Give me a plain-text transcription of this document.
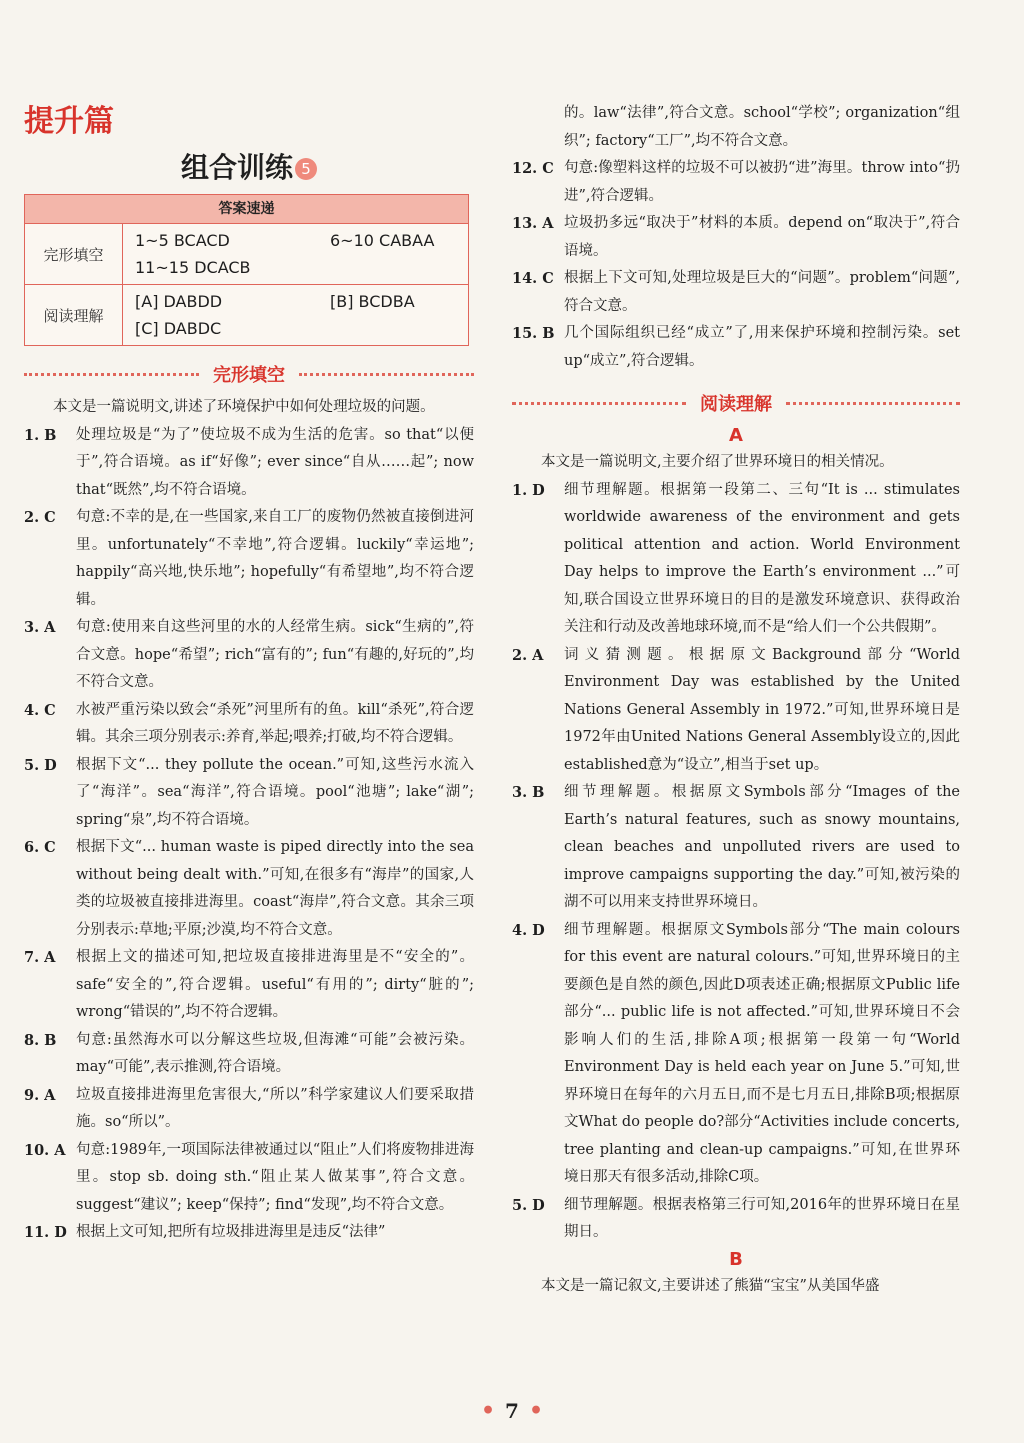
提升篇
组合训练 5
答案速递
完形填空
1~5 BCACD	6~10 CABAA
11~15 DCACB
阅读理解
[A] DABDD	[B] BCDBA
[C] DABDC
完形填空
本文是一篇说明文,讲述了环境保护中如何处理垃圾的问题。
1. B	处理垃圾是“为了”使垃圾不成为生活的危害。so that“以便于”,符合语境。as if“好像”; ever since“自从……起”; now that“既然”,均不符合语境。
2. C	句意:不幸的是,在一些国家,来自工厂的废物仍然被直接倒进河里。unfortunately“不幸地”,符合逻辑。luckily“幸运地”; happily“高兴地,快乐地”; hopefully“有希望地”,均不符合逻辑。
3. A	句意:使用来自这些河里的水的人经常生病。sick“生病的”,符合文意。hope“希望”; rich“富有的”; fun“有趣的,好玩的”,均不符合文意。
4. C	水被严重污染以致会“杀死”河里所有的鱼。kill“杀死”,符合逻辑。其余三项分别表示:养育,举起;喂养;打破,均不符合逻辑。
5. D	根据下文“... they pollute the ocean.”可知,这些污水流入了“海洋”。sea“海洋”,符合语境。pool“池塘”; lake“湖”; spring“泉”,均不符合语境。
6. C	根据下文“... human waste is piped directly into the sea without being dealt with.”可知,在很多有“海岸”的国家,人类的垃圾被直接排进海里。coast“海岸”,符合文意。其余三项分别表示:草地;平原;沙漠,均不符合文意。
7. A	根据上文的描述可知,把垃圾直接排进海里是不“安全的”。safe“安全的”,符合逻辑。useful“有用的”; dirty“脏的”; wrong“错误的”,均不符合逻辑。
8. B	句意:虽然海水可以分解这些垃圾,但海滩“可能”会被污染。may“可能”,表示推测,符合语境。
9. A	垃圾直接排进海里危害很大,“所以”科学家建议人们要采取措施。so“所以”。
10. A 句意:1989年,一项国际法律被通过以“阻止”人们将废物排进海里。stop sb. doing sth.“阻止某人做某事”,符合文意。suggest“建议”; keep“保持”; find“发现”,均不符合文意。
11. D 根据上文可知,把所有垃圾排进海里是违反“法律”
的。law“法律”,符合文意。school“学校”; organization“组织”; factory“工厂”,均不符合文意。
12. C 句意:像塑料这样的垃圾不可以被扔“进”海里。throw into“扔进”,符合逻辑。
13. A 垃圾扔多远“取决于”材料的本质。depend on“取决于”,符合语境。
14. C 根据上下文可知,处理垃圾是巨大的“问题”。problem“问题”,符合文意。
15. B 几个国际组织已经“成立”了,用来保护环境和控制污染。set up“成立”,符合逻辑。
阅读理解
A
本文是一篇说明文,主要介绍了世界环境日的相关情况。
1. D	细节理解题。根据第一段第二、三句“It is ... stimulates worldwide awareness of the environment and gets political attention and action. World Environment Day helps to improve the Earth’s environment ...”可知,联合国设立世界环境日的目的是激发环境意识、获得政治关注和行动及改善地球环境,而不是“给人们一个公共假期”。
2. A	词义猜测题。根据原文Background部分“World Environment Day was established by the United Nations General Assembly in 1972.”可知,世界环境日是1972年由United Nations General Assembly设立的,因此established意为“设立”,相当于set up。
3. B	细节理解题。根据原文Symbols部分“Images of the Earth’s natural features, such as snowy mountains, clean beaches and unpolluted rivers are used to improve campaigns supporting the day.”可知,被污染的湖不可以用来支持世界环境日。
4. D	细节理解题。根据原文Symbols部分“The main colours for this event are natural colours.”可知,世界环境日的主要颜色是自然的颜色,因此D项表述正确;根据原文Public life部分“... public life is not affected.”可知,世界环境日不会影响人们的生活,排除A项;根据第一段第一句“World Environment Day is held each year on June 5.”可知,世界环境日在每年的六月五日,而不是七月五日,排除B项;根据原文What do people do?部分“Activities include concerts, tree planting and clean-up campaigns.”可知,在世界环境日那天有很多活动,排除C项。
5. D	细节理解题。根据表格第三行可知,2016年的世界环境日在星期日。
B
本文是一篇记叙文,主要讲述了熊猫“宝宝”从美国华盛
• 7 •
